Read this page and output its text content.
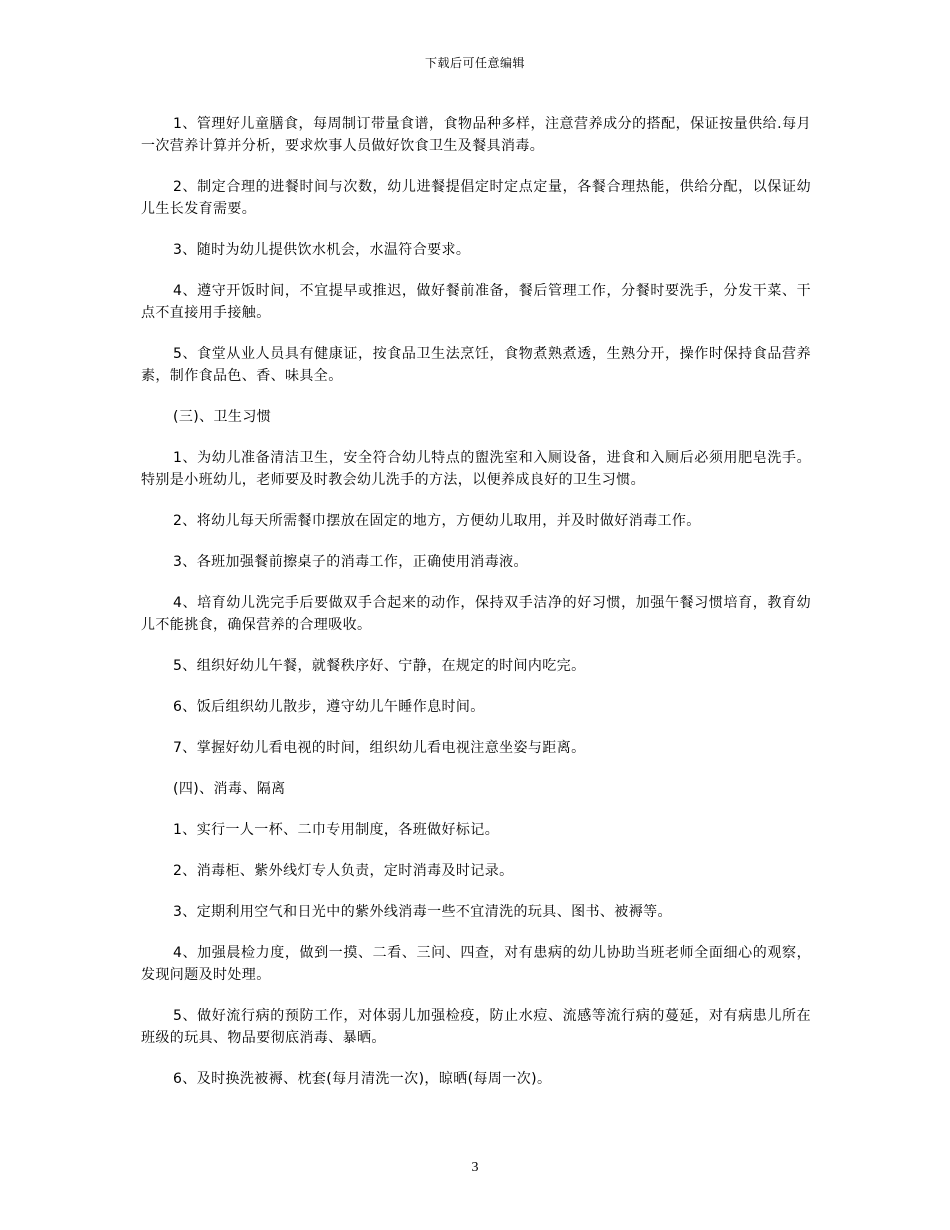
下载后可任意编辑

1、管理好儿童膳食，每周制订带量食谱，食物品种多样，注意营养成分的搭配，保证按量供给.每月一次营养计算并分析，要求炊事人员做好饮食卫生及餐具消毒。

2、制定合理的进餐时间与次数，幼儿进餐提倡定时定点定量，各餐合理热能，供给分配，以保证幼儿生长发育需要。

3、随时为幼儿提供饮水机会，水温符合要求。

4、遵守开饭时间，不宜提早或推迟，做好餐前准备，餐后管理工作，分餐时要洗手，分发干菜、干点不直接用手接触。

5、食堂从业人员具有健康证，按食品卫生法烹饪，食物煮熟煮透，生熟分开，操作时保持食品营养素，制作食品色、香、味具全。

(三)、卫生习惯

1、为幼儿准备清洁卫生，安全符合幼儿特点的盥洗室和入厕设备，进食和入厕后必须用肥皂洗手。特别是小班幼儿，老师要及时教会幼儿洗手的方法，以便养成良好的卫生习惯。

2、将幼儿每天所需餐巾摆放在固定的地方，方便幼儿取用，并及时做好消毒工作。

3、各班加强餐前擦桌子的消毒工作，正确使用消毒液。

4、培育幼儿洗完手后要做双手合起来的动作，保持双手洁净的好习惯，加强午餐习惯培育，教育幼儿不能挑食，确保营养的合理吸收。

5、组织好幼儿午餐，就餐秩序好、宁静，在规定的时间内吃完。

6、饭后组织幼儿散步，遵守幼儿午睡作息时间。

7、掌握好幼儿看电视的时间，组织幼儿看电视注意坐姿与距离。

(四)、消毒、隔离

1、实行一人一杯、二巾专用制度，各班做好标记。

2、消毒柜、紫外线灯专人负责，定时消毒及时记录。

3、定期利用空气和日光中的紫外线消毒一些不宜清洗的玩具、图书、被褥等。

4、加强晨检力度，做到一摸、二看、三问、四查，对有患病的幼儿协助当班老师全面细心的观察，发现问题及时处理。

5、做好流行病的预防工作，对体弱儿加强检疫，防止水痘、流感等流行病的蔓延，对有病患儿所在班级的玩具、物品要彻底消毒、暴晒。

6、及时换洗被褥、枕套(每月清洗一次)，晾晒(每周一次)。

3
